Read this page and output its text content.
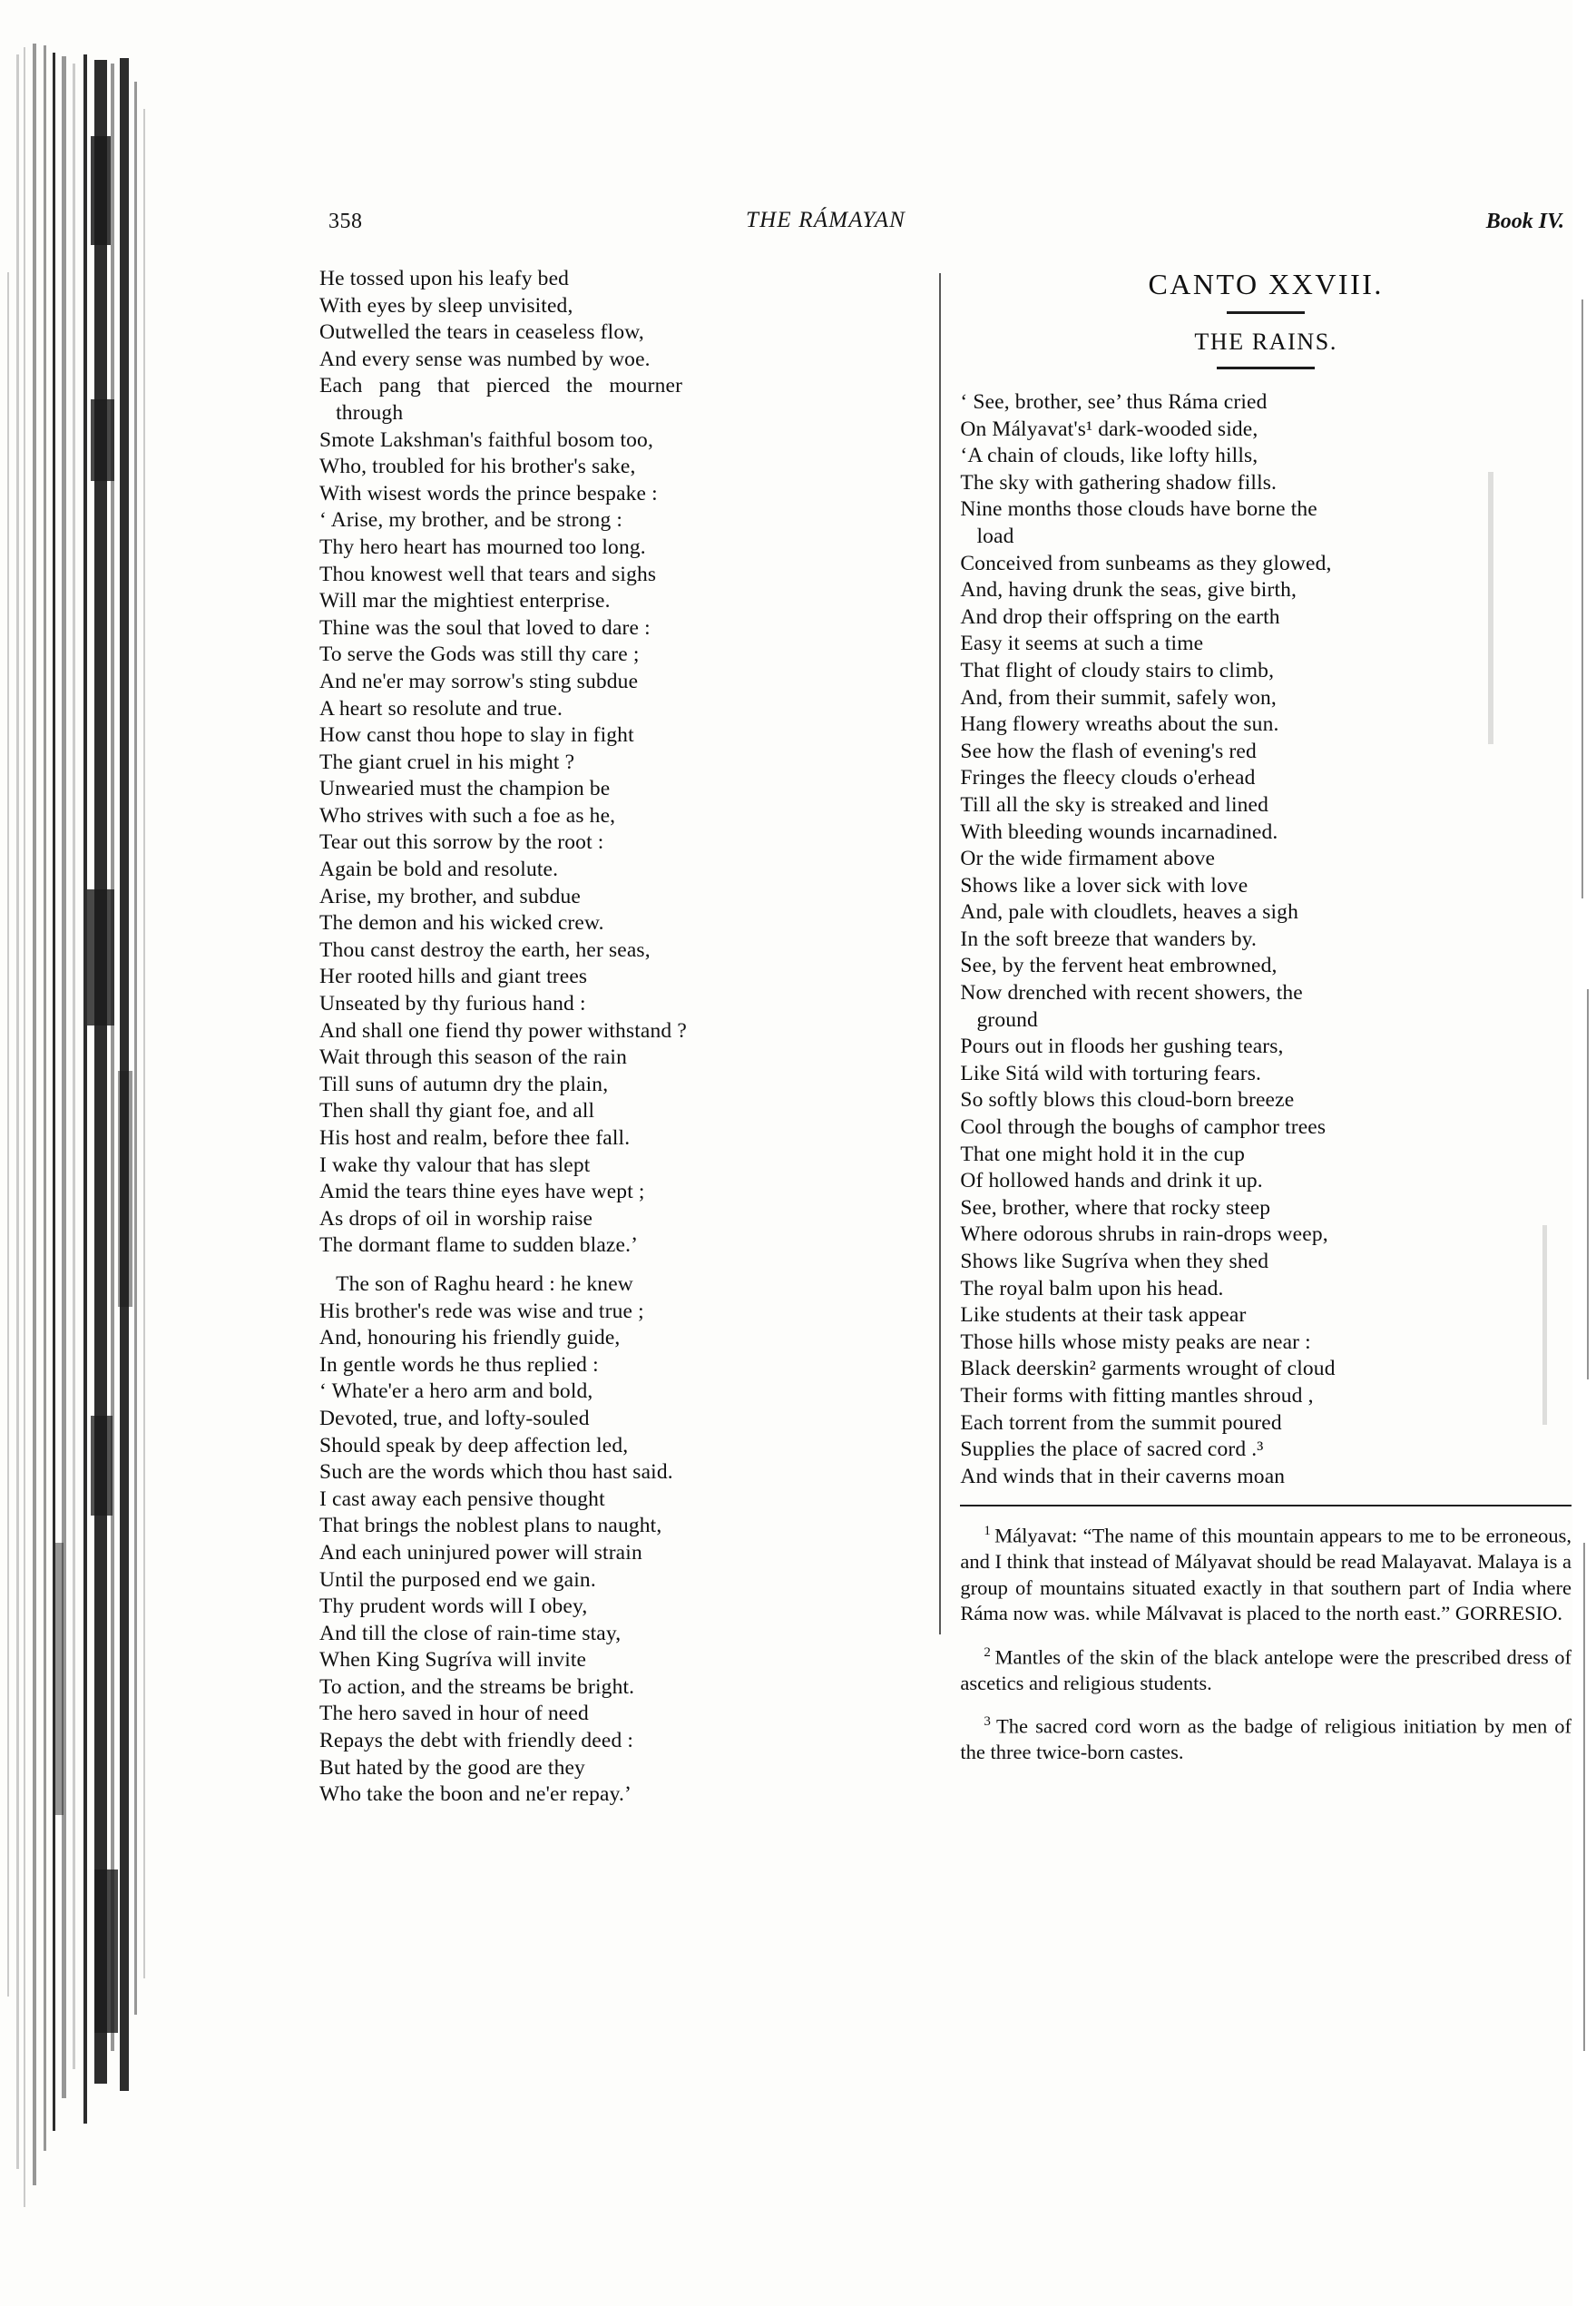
358	THE RÁMAYAN	Book IV.

He tossed upon his leafy bed
With eyes by sleep unvisited,
Outwelled the tears in ceaseless flow,
And every sense was numbed by woe.
Each   pang   that   pierced   the   mourner
through
Smote Lakshman's faithful bosom too,
Who, troubled for his brother's sake,
With wisest words the prince bespake :
‘ Arise, my brother, and be strong :
Thy hero heart has mourned too long.
Thou knowest well that tears and sighs
Will mar the mightiest enterprise.
Thine was the soul that loved to dare :
To serve the Gods was still thy care ;
And ne'er may sorrow's sting subdue
A heart so resolute and true.
How canst thou hope to slay in fight
The giant cruel in his might ?
Unwearied must the champion be
Who strives with such a foe as he,
Tear out this sorrow by the root :
Again be bold and resolute.
Arise, my brother, and subdue
The demon and his wicked crew.
Thou canst destroy the earth, her seas,
Her rooted hills and giant trees
Unseated by thy furious hand :
And shall one fiend thy power withstand ?
Wait through this season of the rain
Till suns of autumn dry the plain,
Then shall thy giant foe, and all
His host and realm, before thee fall.
I wake thy valour that has slept
Amid the tears thine eyes have wept ;
As drops of oil in worship raise
The dormant flame to sudden blaze.’

The son of Raghu heard : he knew
His brother's rede was wise and true ;
And, honouring his friendly guide,
In gentle words he thus replied :
‘ Whate'er a hero arm and bold,
Devoted, true, and lofty-souled
Should speak by deep affection led,
Such are the words which thou hast said.
I cast away each pensive thought
That brings the noblest plans to naught,
And each uninjured power will strain
Until the purposed end we gain.
Thy prudent words will I obey,
And till the close of rain-time stay,
When King Sugríva will invite
To action, and the streams be bright.
The hero saved in hour of need
Repays the debt with friendly deed :
But hated by the good are they
Who take the boon and ne'er repay.’

CANTO XXVIII.
THE RAINS.

‘ See, brother, see’ thus Ráma cried
On Mályavat's¹ dark-wooded side,
‘A chain of clouds, like lofty hills,
The sky with gathering shadow fills.
Nine months those clouds have borne the
load
Conceived from sunbeams as they glowed,
And, having drunk the seas, give birth,
And drop their offspring on the earth
Easy it seems at such a time
That flight of cloudy stairs to climb,
And, from their summit, safely won,
Hang flowery wreaths about the sun.
See how the flash of evening's red
Fringes the fleecy clouds o'erhead
Till all the sky is streaked and lined
With bleeding wounds incarnadined.
Or the wide firmament above
Shows like a lover sick with love
And, pale with cloudlets, heaves a sigh
In the soft breeze that wanders by.
See, by the fervent heat embrowned,
Now drenched with recent showers, the
ground
Pours out in floods her gushing tears,
Like Sitá wild with torturing fears.
So softly blows this cloud-born breeze
Cool through the boughs of camphor trees
That one might hold it in the cup
Of hollowed hands and drink it up.
See, brother, where that rocky steep
Where odorous shrubs in rain-drops weep,
Shows like Sugríva when they shed
The royal balm upon his head.
Like students at their task appear
Those hills whose misty peaks are near :
Black deerskin² garments wrought of cloud
Their forms with fitting mantles shroud ,
Each torrent from the summit poured
Supplies the place of sacred cord .³
And winds that in their caverns moan

$^1$ Mályavat: “The name of this mountain appears to me to be erroneous, and I think that instead of Mályavat should be read Malayavat. Malaya is a group of mountains situated exactly in that southern part of India where Ráma now was. while Málvavat is placed to the north east.” GORRESIO.

$^2$ Mantles of the skin of the black antelope were the prescribed dress of ascetics and religious students.

$^3$ The sacred cord worn as the badge of religious initiation by men of the three twice-born castes.
